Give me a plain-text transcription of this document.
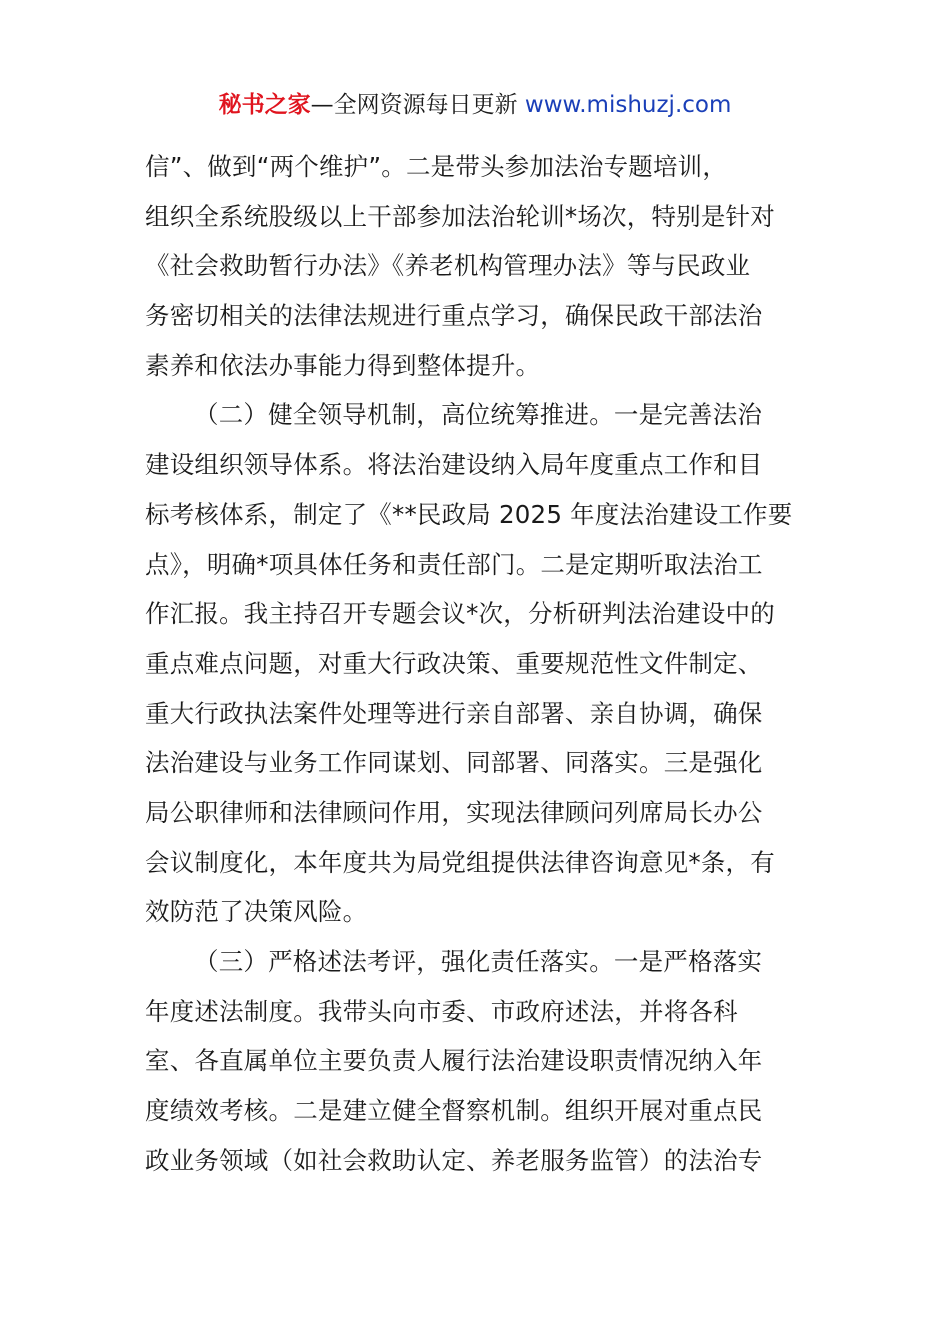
秘书之家—全网资源每日更新 www.mishuzj.com
信”、做到“两个维护”。二是带头参加法治专题培训，
组织全系统股级以上干部参加法治轮训*场次，特别是针对
《社会救助暂行办法》《养老机构管理办法》等与民政业
务密切相关的法律法规进行重点学习，确保民政干部法治
素养和依法办事能力得到整体提升。
（二）健全领导机制，高位统筹推进。一是完善法治
建设组织领导体系。将法治建设纳入局年度重点工作和目
标考核体系，制定了《**民政局 2025 年度法治建设工作要
点》，明确*项具体任务和责任部门。二是定期听取法治工
作汇报。我主持召开专题会议*次，分析研判法治建设中的
重点难点问题，对重大行政决策、重要规范性文件制定、
重大行政执法案件处理等进行亲自部署、亲自协调，确保
法治建设与业务工作同谋划、同部署、同落实。三是强化
局公职律师和法律顾问作用，实现法律顾问列席局长办公
会议制度化，本年度共为局党组提供法律咨询意见*条，有
效防范了决策风险。
（三）严格述法考评，强化责任落实。一是严格落实
年度述法制度。我带头向市委、市政府述法，并将各科
室、各直属单位主要负责人履行法治建设职责情况纳入年
度绩效考核。二是建立健全督察机制。组织开展对重点民
政业务领域（如社会救助认定、养老服务监管）的法治专
